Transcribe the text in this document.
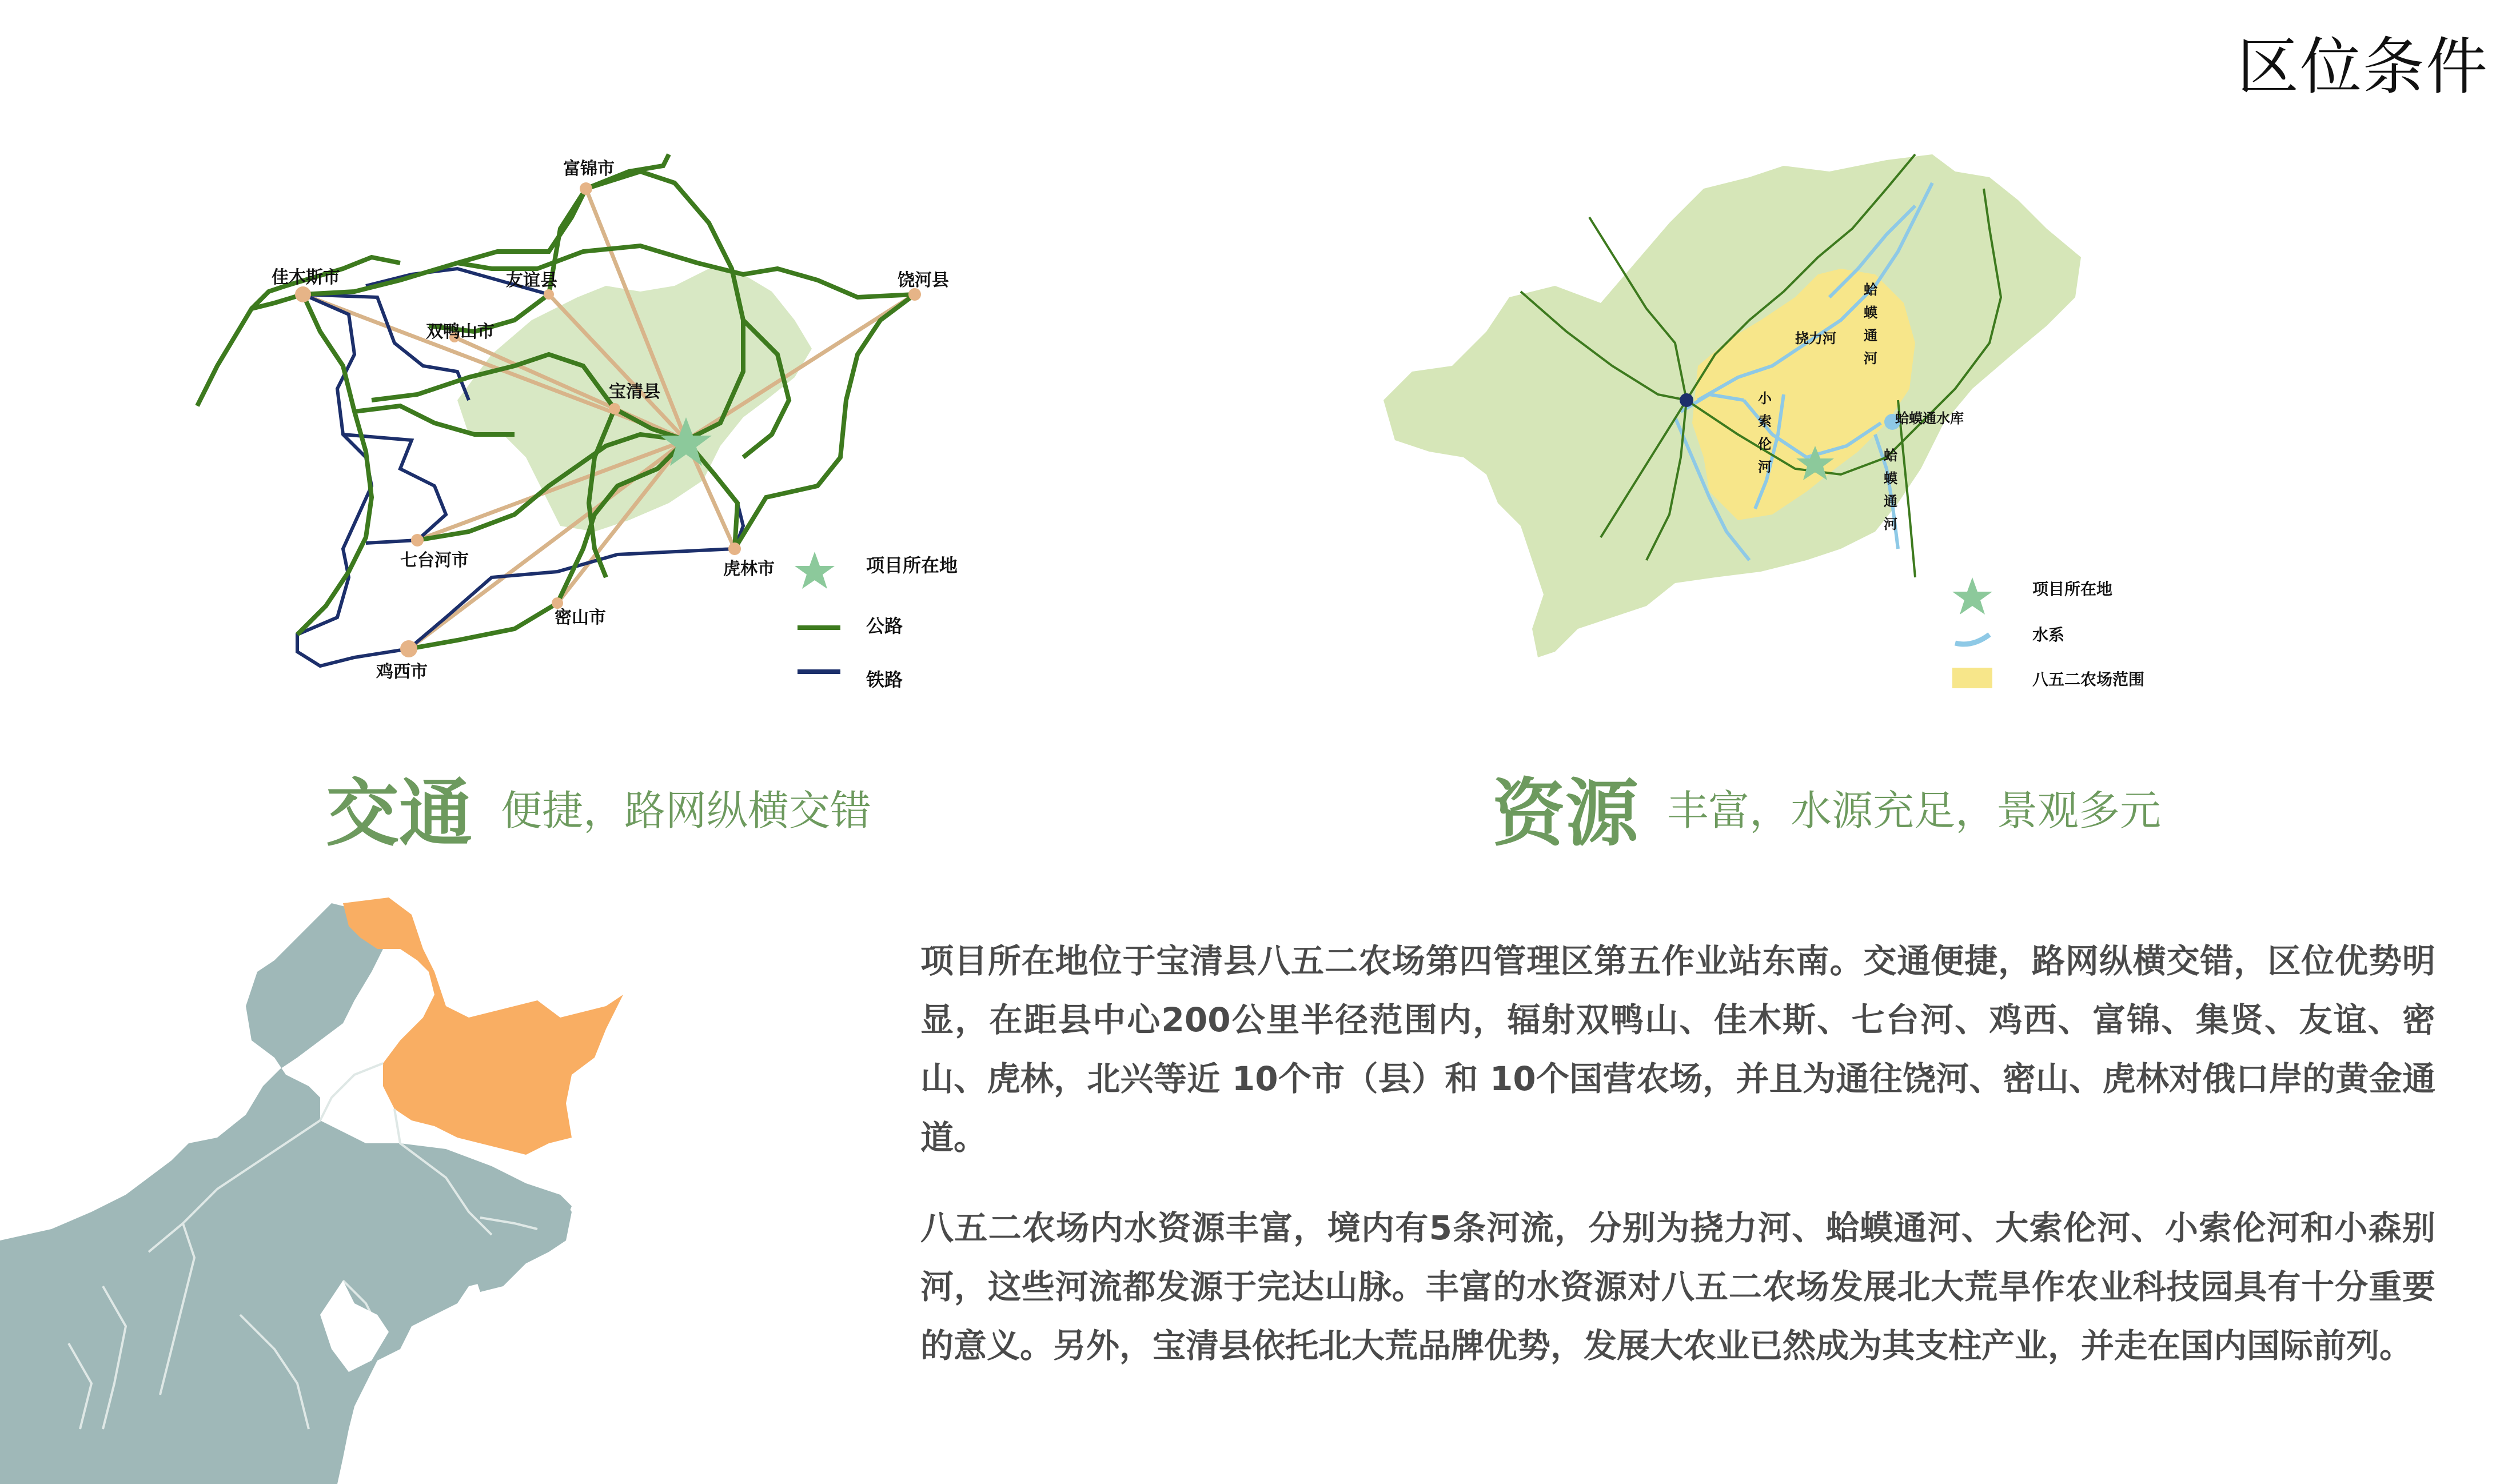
区位条件
富锦市
佳木斯市	友谊县	饶河县
双鸭山市
宝清县
七台河市	虎林市
密山市
鸡西市
项目所在地
公路
铁路
挠力河
蛤
蟆
通
河
小
索
伦
河
蛤蟆通水库
蛤
蟆
通
河
项目所在地
水系
八五二农场范围
交通 便捷，路网纵横交错	资源 丰富，水源充足，景观多元

项目所在地位于宝清县八五二农场第四管理区第五作业站东南。交通便捷，路网纵横交错，区位优势明显，在距县中心200公里半径范围内，辐射双鸭山、佳木斯、七台河、鸡西、富锦、集贤、友谊、密山、虎林，北兴等近 10个市（县）和 10个国营农场，并且为通往饶河、密山、虎林对俄口岸的黄金通道。

八五二农场内水资源丰富，境内有5条河流，分别为挠力河、蛤蟆通河、大索伦河、小索伦河和小森别河，这些河流都发源于完达山脉。丰富的水资源对八五二农场发展北大荒旱作农业科技园具有十分重要的意义。另外，宝清县依托北大荒品牌优势，发展大农业已然成为其支柱产业，并走在国内国际前列。
